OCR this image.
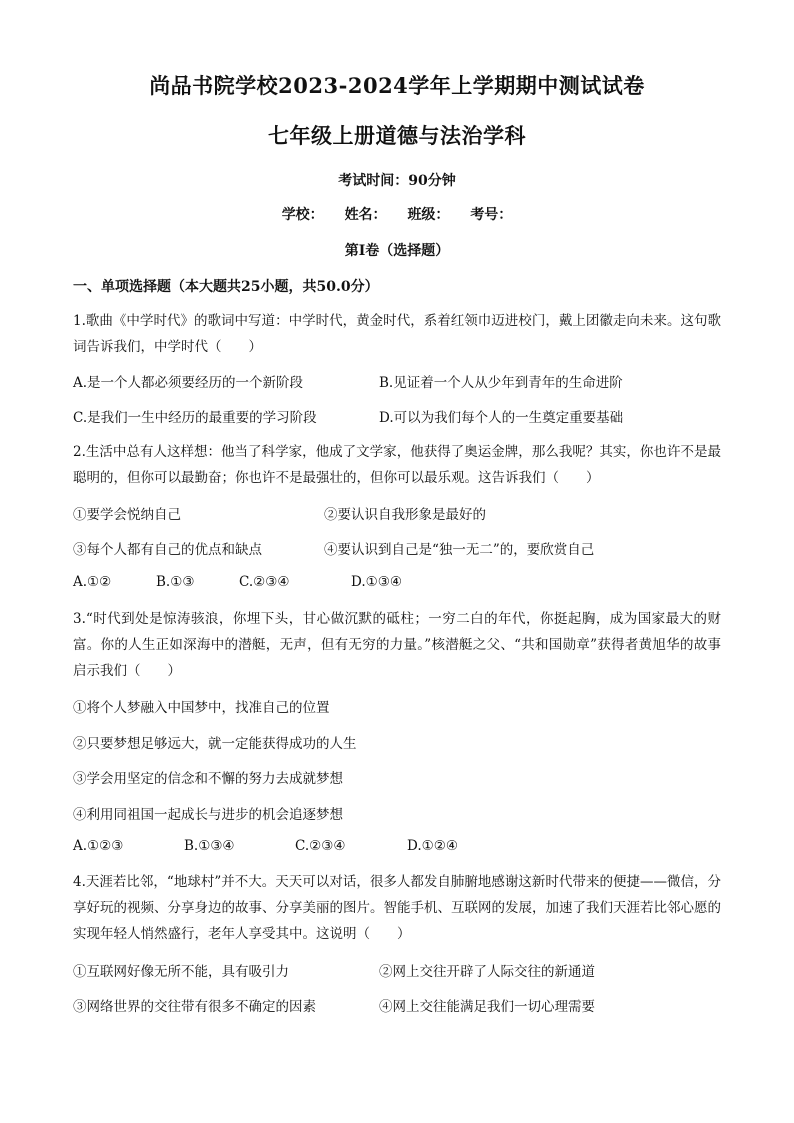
尚品书院学校2023-2024学年上学期期中测试试卷
七年级上册道德与法治学科
考试时间：90分钟
学校： 姓名： 班级： 考号：
第I卷（选择题）
一、单项选择题（本大题共25小题，共50.0分）
1.歌曲《中学时代》的歌词中写道：中学时代，黄金时代，系着红领巾迈进校门，戴上团徽走向未来。这句歌词告诉我们，中学时代（　　）
A.是一个人都必须要经历的一个新阶段	B.见证着一个人从少年到青年的生命进阶
C.是我们一生中经历的最重要的学习阶段	D.可以为我们每个人的一生奠定重要基础
2.生活中总有人这样想：他当了科学家，他成了文学家，他获得了奥运金牌，那么我呢？其实，你也许不是最聪明的，但你可以最勤奋；你也许不是最强壮的，但你可以最乐观。这告诉我们（　　）
①要学会悦纳自己	②要认识自我形象是最好的
③每个人都有自己的优点和缺点	④要认识到自己是“独一无二”的，要欣赏自己
A.①②	B.①③	C.②③④	D.①③④
3.“时代到处是惊涛骇浪，你埋下头，甘心做沉默的砥柱；一穷二白的年代，你挺起胸，成为国家最大的财富。你的人生正如深海中的潜艇，无声，但有无穷的力量。”核潜艇之父、“共和国勋章”获得者黄旭华的故事启示我们（　　）
①将个人梦融入中国梦中，找准自己的位置
②只要梦想足够远大，就一定能获得成功的人生
③学会用坚定的信念和不懈的努力去成就梦想
④利用同祖国一起成长与进步的机会追逐梦想
A.①②③	B.①③④	C.②③④	D.①②④
4.天涯若比邻，“地球村”并不大。天天可以对话，很多人都发自肺腑地感谢这新时代带来的便捷——微信，分享好玩的视频、分享身边的故事、分享美丽的图片。智能手机、互联网的发展，加速了我们天涯若比邻心愿的实现年轻人悄然盛行，老年人享受其中。这说明（　　）
①互联网好像无所不能，具有吸引力	②网上交往开辟了人际交往的新通道
③网络世界的交往带有很多不确定的因素	④网上交往能满足我们一切心理需要
